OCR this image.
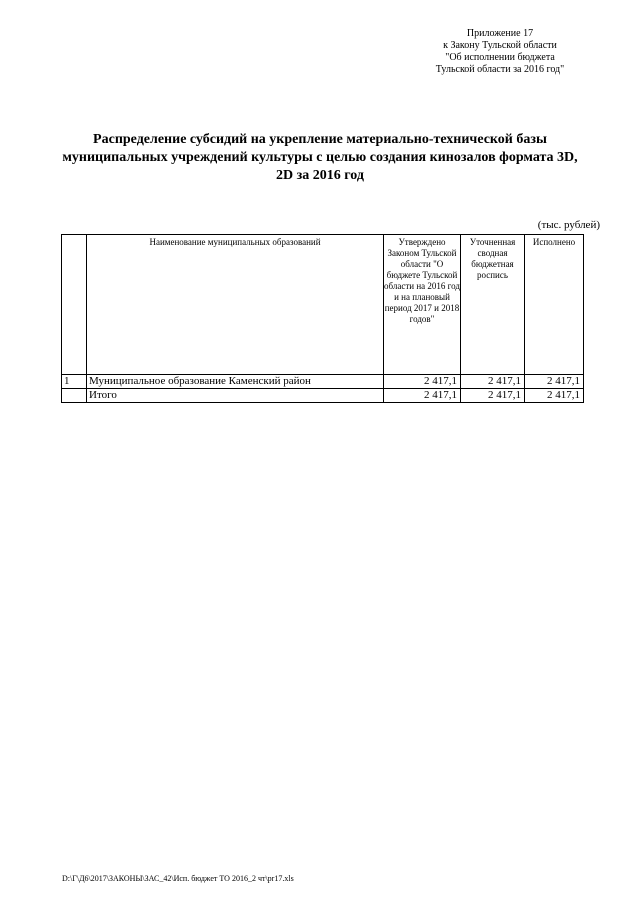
Приложение 17
к Закону Тульской области
"Об исполнении бюджета
Тульской области за 2016 год"
Распределение субсидий на укрепление материально-технической базы
муниципальных учреждений культуры с целью создания кинозалов формата 3D,
2D за 2016 год
(тыс. рублей)
	Наименование муниципальных образований	Утверждено Законом Тульской области "О бюджете Тульской области на 2016 год и на плановый период 2017 и 2018 годов"	Уточненная сводная бюджетная роспись	Исполнено
1	Муниципальное образование Каменский район	2 417,1	2 417,1	2 417,1
	Итого	2 417,1	2 417,1	2 417,1
D:\Г\Д6\2017\ЗАКОНЫ\ЗАС_42\Исп. бюджет ТО 2016_2 чт\pr17.xls
